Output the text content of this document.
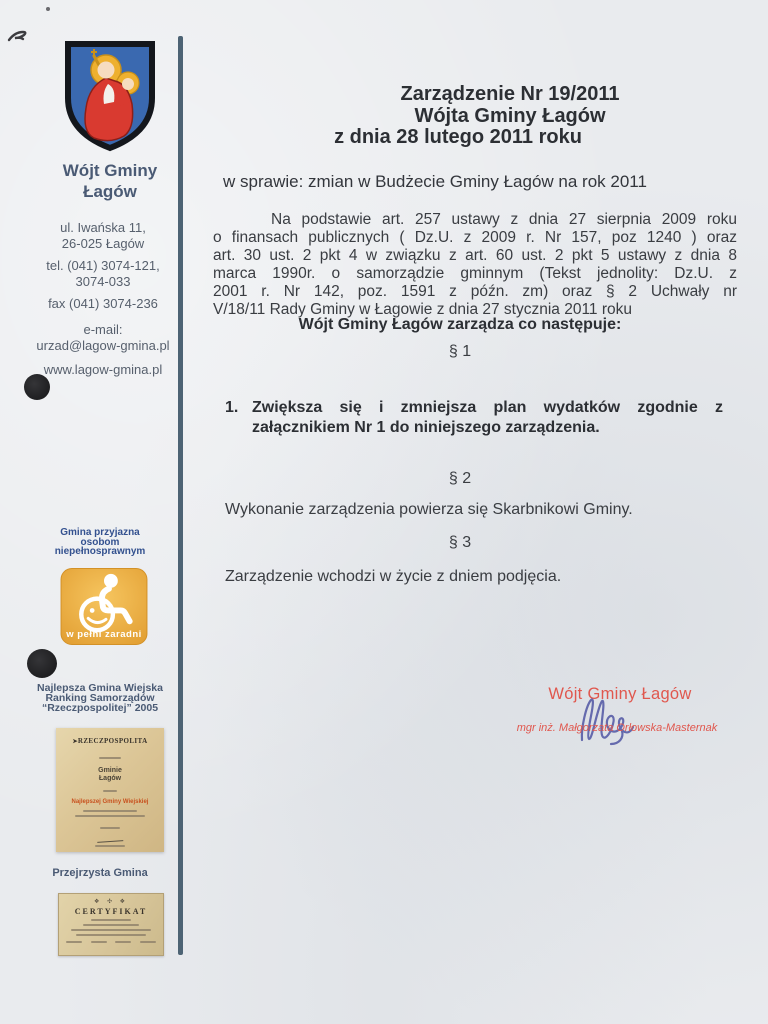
Wójt Gminy
Łagów
ul. Iwańska 11,
26-025 Łagów
tel. (041) 3074-121,
3074-033
fax (041) 3074-236
e-mail:
urzad@lagow-gmina.pl
www.lagow-gmina.pl
Gmina przyjazna
osobom
niepełnosprawnym
w pełni zaradni
Najlepsza Gmina Wiejska
Ranking Samorządów
“Rzeczpospolitej” 2005
➤RZECZPOSPOLITA
Gminie
Łagów
Najlepszej Gminy Wiejskiej
Przejrzysta Gmina
❖ ✣ ❖
CERTYFIKAT
Zarządzenie Nr 19/2011
Wójta Gminy Łagów
z dnia 28 lutego 2011 roku
w sprawie: zmian w Budżecie Gminy Łagów na rok 2011
Na podstawie art. 257 ustawy z dnia 27 sierpnia 2009 roku
o finansach publicznych ( Dz.U. z 2009 r. Nr 157, poz 1240 ) oraz
art. 30 ust. 2 pkt 4 w związku z art. 60 ust. 2 pkt 5 ustawy z dnia 8
marca 1990r. o samorządzie gminnym (Tekst jednolity: Dz.U. z
2001 r. Nr 142, poz. 1591 z późn. zm) oraz § 2 Uchwały nr
V/18/11 Rady Gminy w Łagowie z dnia 27 stycznia 2011 roku
Wójt Gminy Łagów zarządza co następuje:
§ 1
1. Zwiększa się i zmniejsza plan wydatków zgodnie z
załącznikiem Nr 1 do niniejszego zarządzenia.
§ 2
Wykonanie zarządzenia powierza się Skarbnikowi Gminy.
§ 3
Zarządzenie wchodzi w życie z dniem podjęcia.
Wójt Gminy Łagów
mgr inż. Małgorzata Orłowska-Masternak
